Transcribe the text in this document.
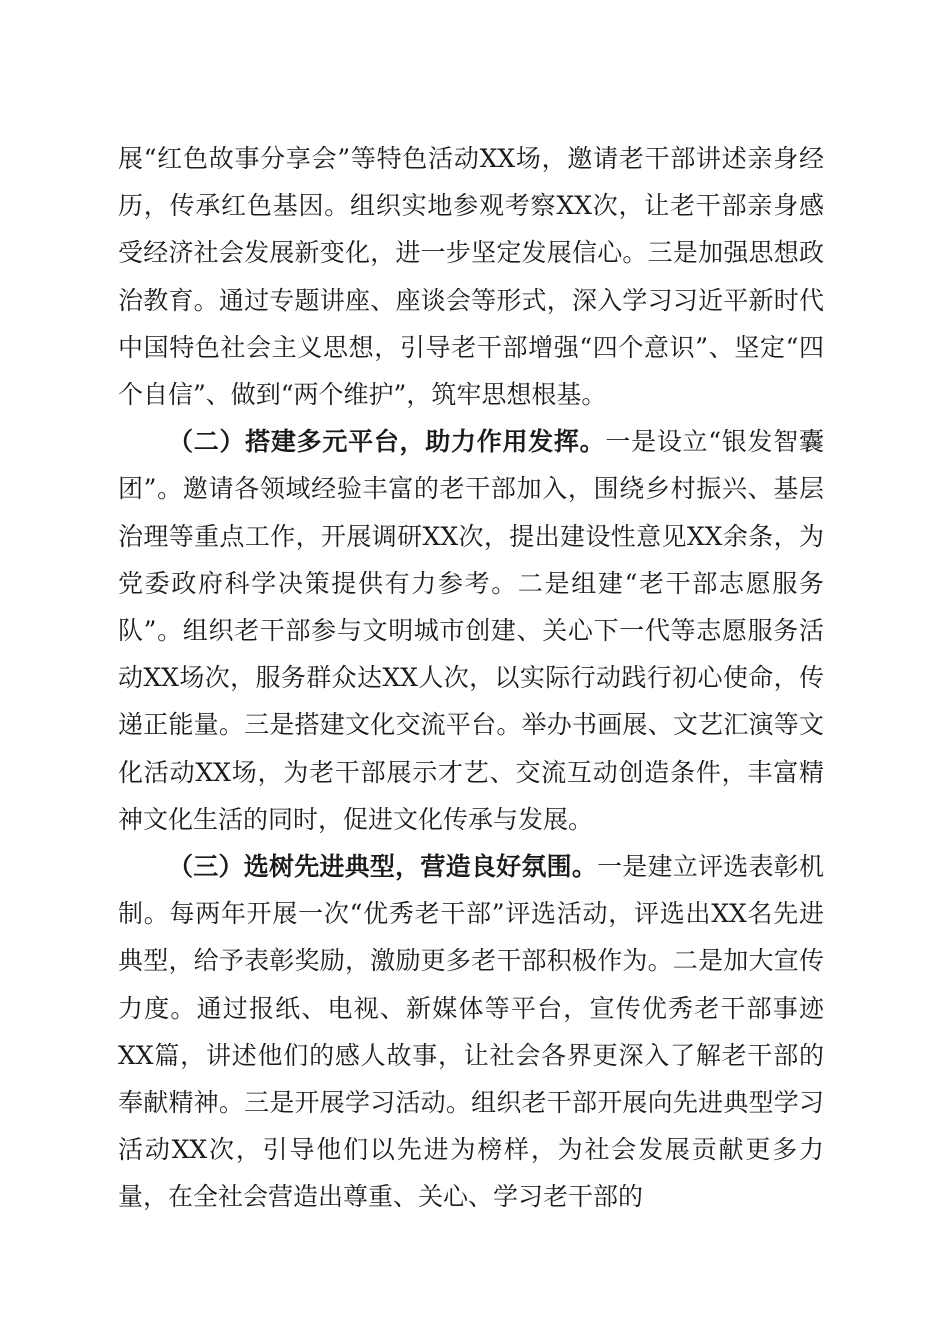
展“红色故事分享会”等特色活动XX场，邀请老干部讲述亲身经历，传承红色基因。组织实地参观考察XX次，让老干部亲身感受经济社会发展新变化，进一步坚定发展信心。三是加强思想政治教育。通过专题讲座、座谈会等形式，深入学习习近平新时代中国特色社会主义思想，引导老干部增强“四个意识”、坚定“四个自信”、做到“两个维护”，筑牢思想根基。

（二）搭建多元平台，助力作用发挥。一是设立“银发智囊团”。邀请各领域经验丰富的老干部加入，围绕乡村振兴、基层治理等重点工作，开展调研XX次，提出建设性意见XX余条，为党委政府科学决策提供有力参考。二是组建“老干部志愿服务队”。组织老干部参与文明城市创建、关心下一代等志愿服务活动XX场次，服务群众达XX人次，以实际行动践行初心使命，传递正能量。三是搭建文化交流平台。举办书画展、文艺汇演等文化活动XX场，为老干部展示才艺、交流互动创造条件，丰富精神文化生活的同时，促进文化传承与发展。

（三）选树先进典型，营造良好氛围。一是建立评选表彰机制。每两年开展一次“优秀老干部”评选活动，评选出XX名先进典型，给予表彰奖励，激励更多老干部积极作为。二是加大宣传力度。通过报纸、电视、新媒体等平台，宣传优秀老干部事迹XX篇，讲述他们的感人故事，让社会各界更深入了解老干部的奉献精神。三是开展学习活动。组织老干部开展向先进典型学习活动XX次，引导他们以先进为榜样，为社会发展贡献更多力量，在全社会营造出尊重、关心、学习老干部的
